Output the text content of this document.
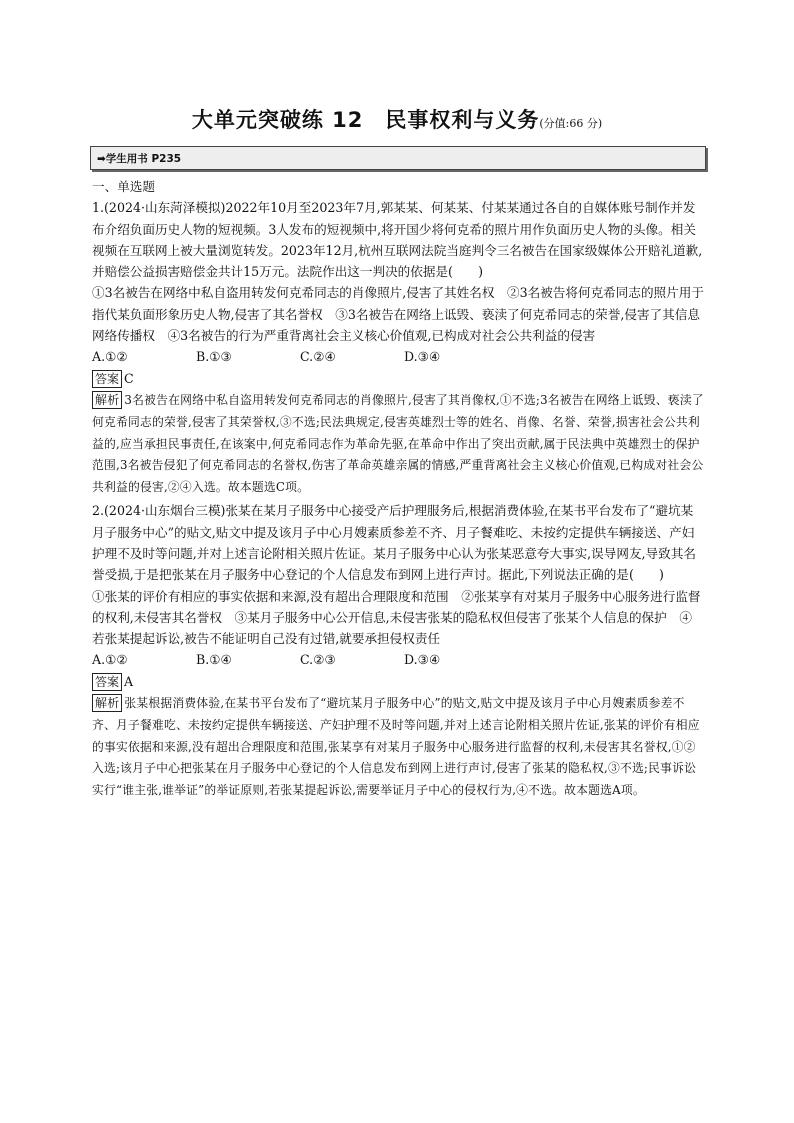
大单元突破练 12　民事权利与义务(分值:66 分)
➡学生用书 P235

一、单选题

1.(2024·山东菏泽模拟)2022年10月至2023年7月,郭某某、何某某、付某某通过各自的自媒体账号制作并发布介绍负面历史人物的短视频。3人发布的短视频中,将开国少将何克希的照片用作负面历史人物的头像。相关视频在互联网上被大量浏览转发。2023年12月,杭州互联网法院当庭判令三名被告在国家级媒体公开赔礼道歉,并赔偿公益损害赔偿金共计15万元。法院作出这一判决的依据是(　　)

①3名被告在网络中私自盗用转发何克希同志的肖像照片,侵害了其姓名权　②3名被告将何克希同志的照片用于指代某负面形象历史人物,侵害了其名誉权　③3名被告在网络上诋毁、亵渎了何克希同志的荣誉,侵害了其信息网络传播权　④3名被告的行为严重背离社会主义核心价值观,已构成对社会公共利益的侵害

A.①②	B.①③	C.②④	D.③④
答案 C

解析 3名被告在网络中私自盗用转发何克希同志的肖像照片,侵害了其肖像权,①不选;3名被告在网络上诋毁、亵渎了何克希同志的荣誉,侵害了其荣誉权,③不选;民法典规定,侵害英雄烈士等的姓名、肖像、名誉、荣誉,损害社会公共利益的,应当承担民事责任,在该案中,何克希同志作为革命先驱,在革命中作出了突出贡献,属于民法典中英雄烈士的保护范围,3名被告侵犯了何克希同志的名誉权,伤害了革命英雄亲属的情感,严重背离社会主义核心价值观,已构成对社会公共利益的侵害,②④入选。故本题选C项。

2.(2024·山东烟台三模)张某在某月子服务中心接受产后护理服务后,根据消费体验,在某书平台发布了“避坑某月子服务中心”的贴文,贴文中提及该月子中心月嫂素质参差不齐、月子餐难吃、未按约定提供车辆接送、产妇护理不及时等问题,并对上述言论附相关照片佐证。某月子服务中心认为张某恶意夸大事实,误导网友,导致其名誉受损,于是把张某在月子服务中心登记的个人信息发布到网上进行声讨。据此,下列说法正确的是(　　)

①张某的评价有相应的事实依据和来源,没有超出合理限度和范围　②张某享有对某月子服务中心服务进行监督的权利,未侵害其名誉权　③某月子服务中心公开信息,未侵害张某的隐私权但侵害了张某个人信息的保护　④若张某提起诉讼,被告不能证明自己没有过错,就要承担侵权责任

A.①②	B.①④	C.②③	D.③④
答案 A

解析 张某根据消费体验,在某书平台发布了“避坑某月子服务中心”的贴文,贴文中提及该月子中心月嫂素质参差不齐、月子餐难吃、未按约定提供车辆接送、产妇护理不及时等问题,并对上述言论附相关照片佐证,张某的评价有相应的事实依据和来源,没有超出合理限度和范围,张某享有对某月子服务中心服务进行监督的权利,未侵害其名誉权,①②入选;该月子中心把张某在月子服务中心登记的个人信息发布到网上进行声讨,侵害了张某的隐私权,③不选;民事诉讼实行“谁主张,谁举证”的举证原则,若张某提起诉讼,需要举证月子中心的侵权行为,④不选。故本题选A项。
